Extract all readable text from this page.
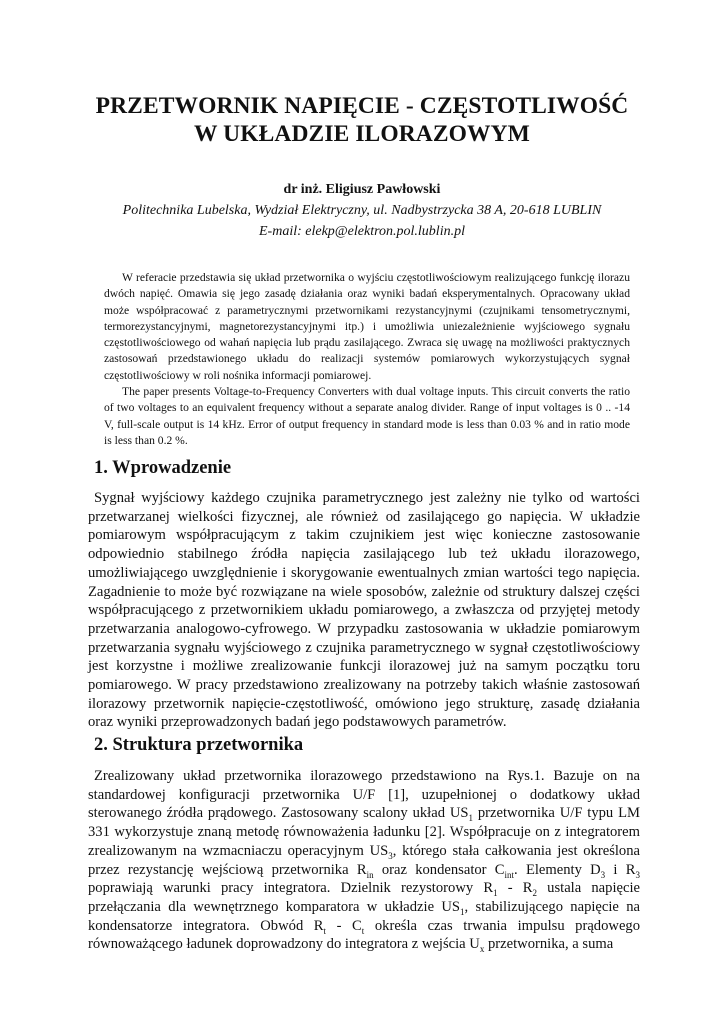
PRZETWORNIK NAPIĘCIE - CZĘSTOTLIWOŚĆ
W UKŁADZIE ILORAZOWYM
dr inż. Eligiusz Pawłowski
Politechnika Lubelska, Wydział Elektryczny, ul. Nadbystrzycka 38 A, 20-618 LUBLIN
E-mail: elekp@elektron.pol.lublin.pl

W referacie przedstawia się układ przetwornika o wyjściu częstotliwościowym realizującego funkcję ilorazu dwóch napięć. Omawia się jego zasadę działania oraz wyniki badań eksperymentalnych. Opracowany układ może współpracować z parametrycznymi przetwornikami rezystancyjnymi (czujnikami tensometrycznymi, termorezystancyjnymi, magnetorezystancyjnymi itp.) i umożliwia uniezależnienie wyjściowego sygnału częstotliwościowego od wahań napięcia lub prądu zasilającego. Zwraca się uwagę na możliwości praktycznych zastosowań przedstawionego układu do realizacji systemów pomiarowych wykorzystujących sygnał częstotliwościowy w roli nośnika informacji pomiarowej.

The paper presents Voltage-to-Frequency Converters with dual voltage inputs. This circuit converts the ratio of two voltages to an equivalent frequency without a separate analog divider. Range of input voltages is 0 .. -14 V, full-scale output is 14 kHz. Error of output frequency in standard mode is less than 0.03 % and in ratio mode is less than 0.2 %.

1. Wprowadzenie

Sygnał wyjściowy każdego czujnika parametrycznego jest zależny nie tylko od wartości przetwarzanej wielkości fizycznej, ale również od zasilającego go napięcia. W układzie pomiarowym współpracującym z takim czujnikiem jest więc konieczne zastosowanie odpowiednio stabilnego źródła napięcia zasilającego lub też układu ilorazowego, umożliwiającego uwzględnienie i skorygowanie ewentualnych zmian wartości tego napięcia. Zagadnienie to może być rozwiązane na wiele sposobów, zależnie od struktury dalszej części współpracującego z przetwornikiem układu pomiarowego, a zwłaszcza od przyjętej metody przetwarzania analogowo-cyfrowego. W przypadku zastosowania w układzie pomiarowym przetwarzania sygnału wyjściowego z czujnika parametrycznego w sygnał częstotliwościowy jest korzystne i możliwe zrealizowanie funkcji ilorazowej już na samym początku toru pomiarowego. W pracy przedstawiono zrealizowany na potrzeby takich właśnie zastosowań ilorazowy przetwornik napięcie-częstotliwość, omówiono jego strukturę, zasadę działania oraz wyniki przeprowadzonych badań jego podstawowych parametrów.

2. Struktura przetwornika

Zrealizowany układ przetwornika ilorazowego przedstawiono na Rys.1. Bazuje on na standardowej konfiguracji przetwornika U/F [1], uzupełnionej o dodatkowy układ sterowanego źródła prądowego. Zastosowany scalony układ $US_1$ przetwornika U/F typu LM 331 wykorzystuje znaną metodę równoważenia ładunku [2]. Współpracuje on z integratorem zrealizowanym na wzmacniaczu operacyjnym $US_3$, którego stała całkowania jest określona przez rezystancję wejściową przetwornika $R_{in}$ oraz kondensator $C_{int}$. Elementy $D_3$ i $R_3$ poprawiają warunki pracy integratora. Dzielnik rezystorowy $R_1 - R_2$ ustala napięcie przełączania dla wewnętrznego komparatora w układzie $US_1$, stabilizującego napięcie na kondensatorze integratora. Obwód $R_t - C_t$ określa czas trwania impulsu prądowego równoważącego ładunek doprowadzony do integratora z wejścia $U_x$ przetwornika, a suma
